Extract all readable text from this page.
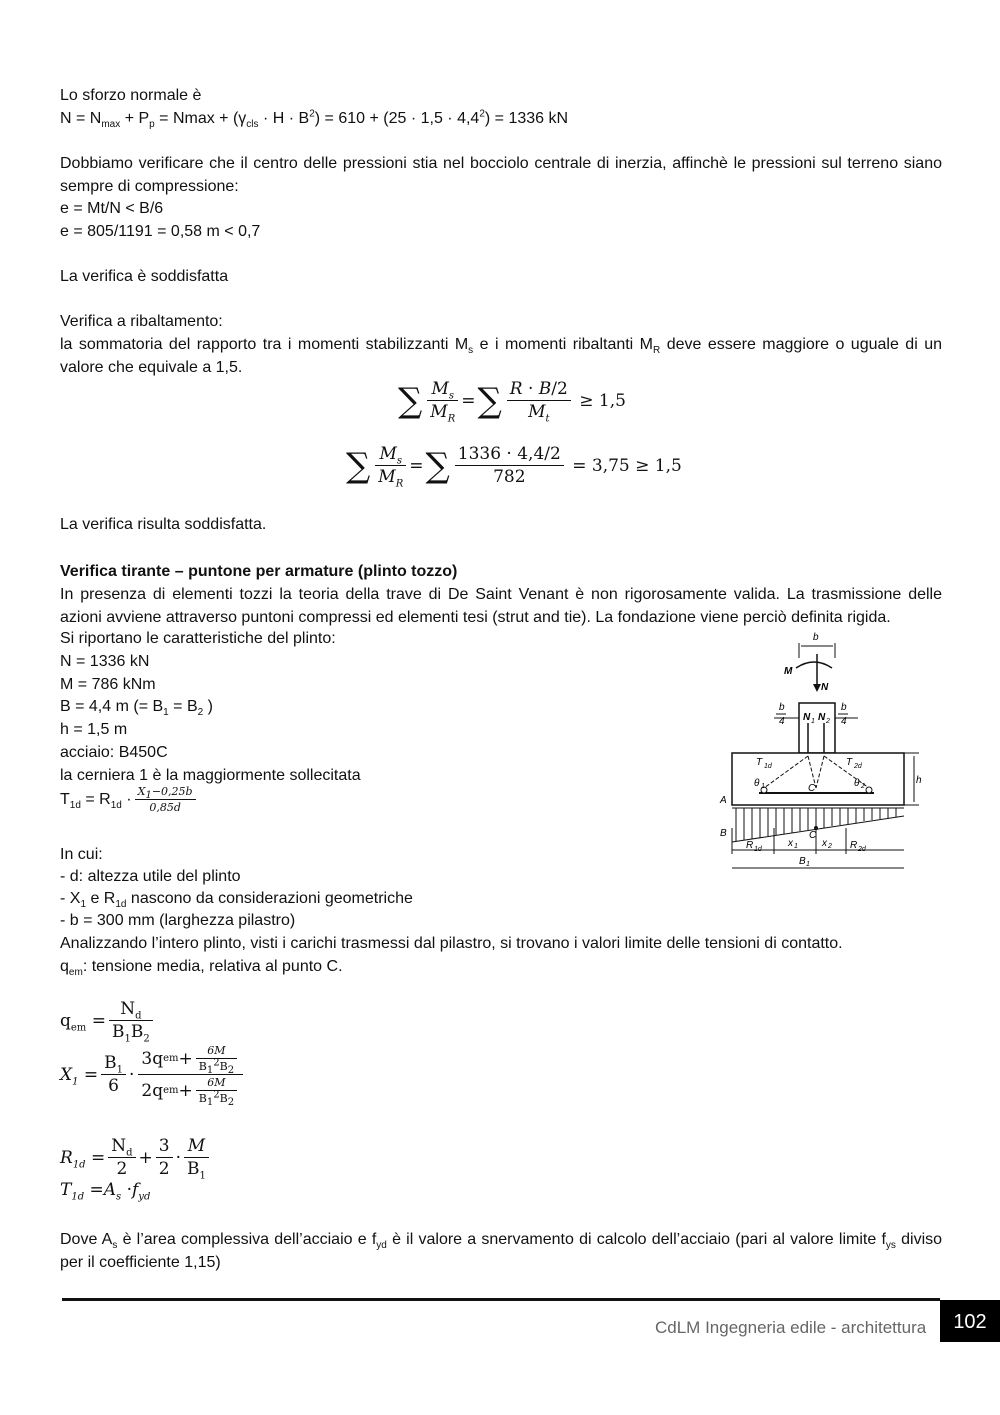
Lo sforzo normale è
$N = N_{max} + P_p = Nmax + (\gamma_{cls} \cdot H \cdot B^2) = 610 + (25 \cdot 1,5 \cdot 4,4^2) = 1336$ kN
Dobbiamo verificare che il centro delle pressioni stia nel bocciolo centrale di inerzia, affinchè le pressioni sul terreno siano sempre di compressione:
e = Mt/N < B/6
e = 805/1191 = 0,58 m < 0,7
La verifica è soddisfatta
Verifica a ribaltamento:
la sommatoria del rapporto tra i momenti stabilizzanti $M_s$ e i momenti ribaltanti $M_R$ deve essere maggiore o uguale di un valore che equivale a 1,5.
∑ $\frac{M_s}{M_R}$ = ∑ $\frac{R \cdot B/2}{M_t} \ge 1,5$
∑ $\frac{M_s}{M_R}$ = ∑ $\frac{1336 \cdot 4,4/2}{782} = 3,75 \ge 1,5$
La verifica risulta soddisfatta.
Verifica tirante – puntone per armature (plinto tozzo)
In presenza di elementi tozzi la teoria della trave di De Saint Venant è non rigorosamente valida. La trasmissione delle azioni avviene attraverso puntoni compressi ed elementi tesi (strut and tie). La fondazione viene perciò definita rigida.
Si riportano le caratteristiche del plinto:
N = 1336 kN
M = 786 kNm
B = 4,4 m (= $B_1 = B_2$ )
h = 1,5 m
acciaio: B450C
la cerniera 1 è la maggiormente sollecitata
$T_{1d} = R_{1d} \cdot \frac{X_1-0,25b}{0,85d}$
In cui:
- d: altezza utile del plinto
- $X_1$ e $R_{1d}$ nascono da considerazioni geometriche
- b = 300 mm (larghezza pilastro)
Analizzando l’intero plinto, visti i carichi trasmessi dal pilastro, si trovano i valori limite delle tensioni di contatto.
$q_{em}$: tensione media, relativa al punto C.
$q_{em} = \frac{N_d}{B_1B_2}$
$X_1 = \frac{B_1}{6} \cdot \frac{3q em + \frac{6M}{B_1^2B_2}}{2q em + \frac{6M}{B_1^2B_2}}$
$R_{1d} = \frac{N_d}{2} + \frac{3}{2} \cdot \frac{M}{B_1}$
$T_{1d} = A_s \cdot f_{yd}$
Dove $A_s$ è l’area complessiva dell’acciaio e $f_{yd}$ è il valore a snervamento di calcolo dell’acciaio (pari al valore limite $f_{ys}$ diviso per il coefficiente 1,15)
b
M
N
b
4
b
4
N 1 N 2
T 1d	T 2d
θ 1	θ 2
C
h
A
B	C
x 1 x 2
R 1d	R 2d
B 1
CdLM Ingegneria edile - architettura	102
